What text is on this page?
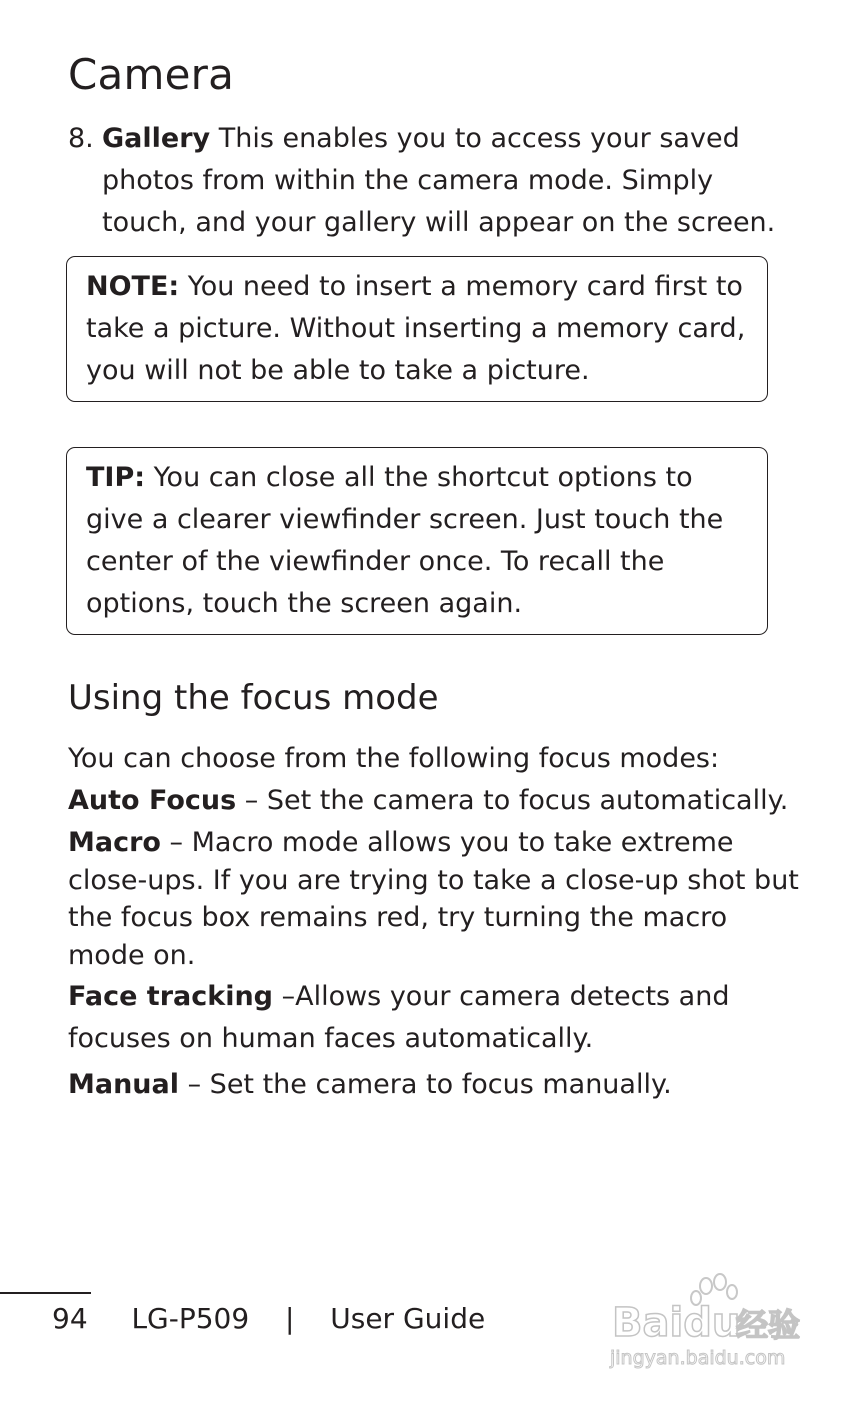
Camera
8. Gallery This enables you to access your saved photos from within the camera mode. Simply touch, and your gallery will appear on the screen.
NOTE: You need to insert a memory card first to take a picture. Without inserting a memory card, you will not be able to take a picture.
TIP: You can close all the shortcut options to give a clearer viewfinder screen. Just touch the center of the viewfinder once. To recall the options, touch the screen again.
Using the focus mode

You can choose from the following focus modes:

Auto Focus – Set the camera to focus automatically.

Macro – Macro mode allows you to take extreme close-ups. If you are trying to take a close-up shot but the focus box remains red, try turning the macro mode on.

Face tracking –Allows your camera detects and focuses on human faces automatically.

Manual – Set the camera to focus manually.

94 LG-P509 | User Guide	Baidu
经验
jingyan.baidu.com
